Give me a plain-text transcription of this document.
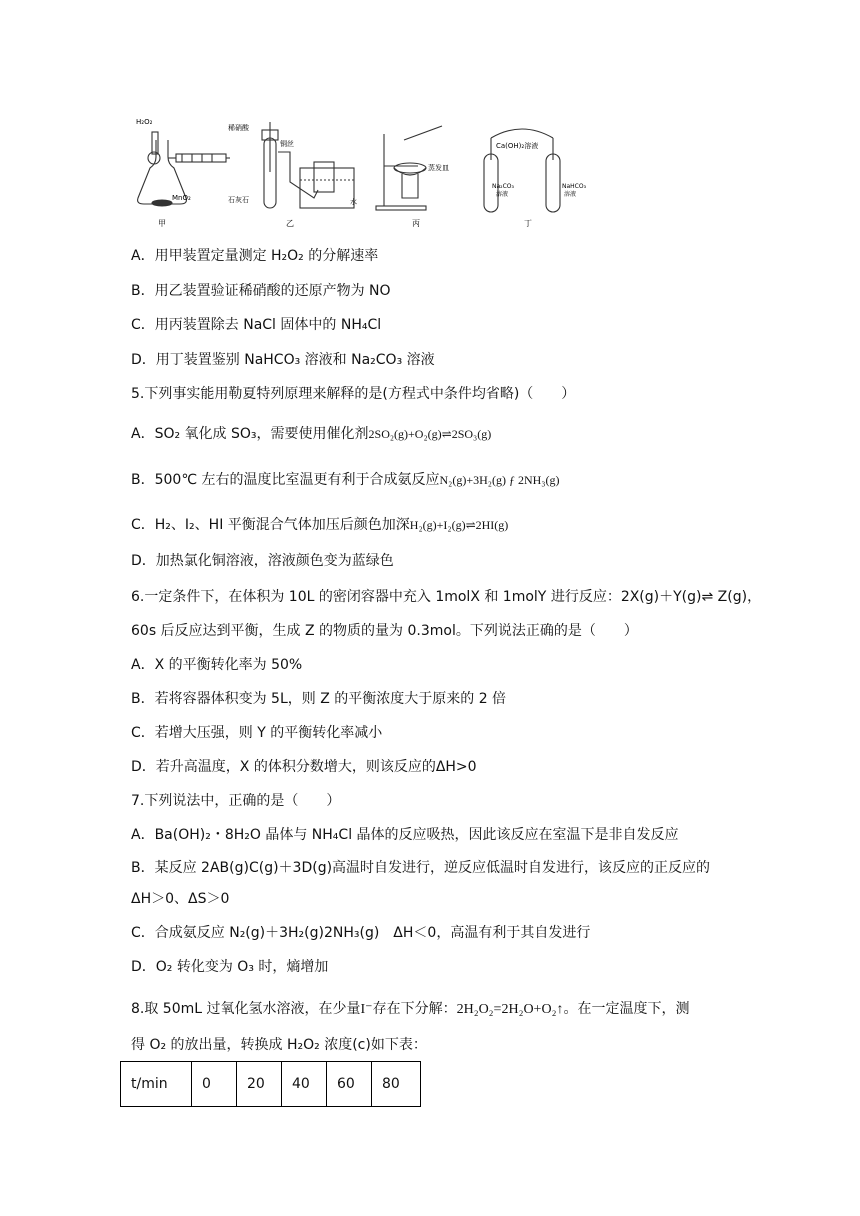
H₂O₂
MnO₂
甲
稀硝酸
铜丝
石灰石	水
乙
蒸发皿
丙
Ca(OH)₂溶液
Na₂CO₃
溶液
NaHCO₃
溶液
丁
A．用甲装置定量测定 H₂O₂ 的分解速率
B．用乙装置验证稀硝酸的还原产物为 NO
C．用丙装置除去 NaCl 固体中的 NH₄Cl
D．用丁装置鉴别 NaHCO₃ 溶液和 Na₂CO₃ 溶液
5.下列事实能用勒夏特列原理来解释的是(方程式中条件均省略)（　　）
A．SO₂ 氧化成 SO₃，需要使用催化剂2SO₂(g)+O₂(g)⇌2SO₃(g)
B．500℃ 左右的温度比室温更有利于合成氨反应N₂(g)+3H₂(g) ƒ 2NH₃(g)
C．H₂、I₂、HI 平衡混合气体加压后颜色加深H₂(g)+I₂(g)⇌2HI(g)
D．加热氯化铜溶液，溶液颜色变为蓝绿色
6.一定条件下，在体积为 10L 的密闭容器中充入 1molX 和 1molY 进行反应：2X(g)＋Y(g)⇌ Z(g)，
60s 后反应达到平衡，生成 Z 的物质的量为 0.3mol。下列说法正确的是（　　）
A．X 的平衡转化率为 50%
B．若将容器体积变为 5L，则 Z 的平衡浓度大于原来的 2 倍
C．若增大压强，则 Y 的平衡转化率减小
D．若升高温度，X 的体积分数增大，则该反应的ΔH>0
7.下列说法中，正确的是（　　）
A．Ba(OH)₂・8H₂O 晶体与 NH₄Cl 晶体的反应吸热，因此该反应在室温下是非自发反应
B．某反应 2AB(g)C(g)＋3D(g)高温时自发进行，逆反应低温时自发进行，该反应的正反应的
ΔH＞0、ΔS＞0
C．合成氨反应 N₂(g)＋3H₂(g)2NH₃(g)　ΔH＜0，高温有利于其自发进行
D．O₂ 转化变为 O₃ 时，熵增加
8.取 50mL 过氧化氢水溶液，在少量I⁻存在下分解：2H₂O₂=2H₂O+O₂↑。在一定温度下，测
得 O₂ 的放出量，转换成 H₂O₂ 浓度(c)如下表：
t/min	0	20	40	60	80
